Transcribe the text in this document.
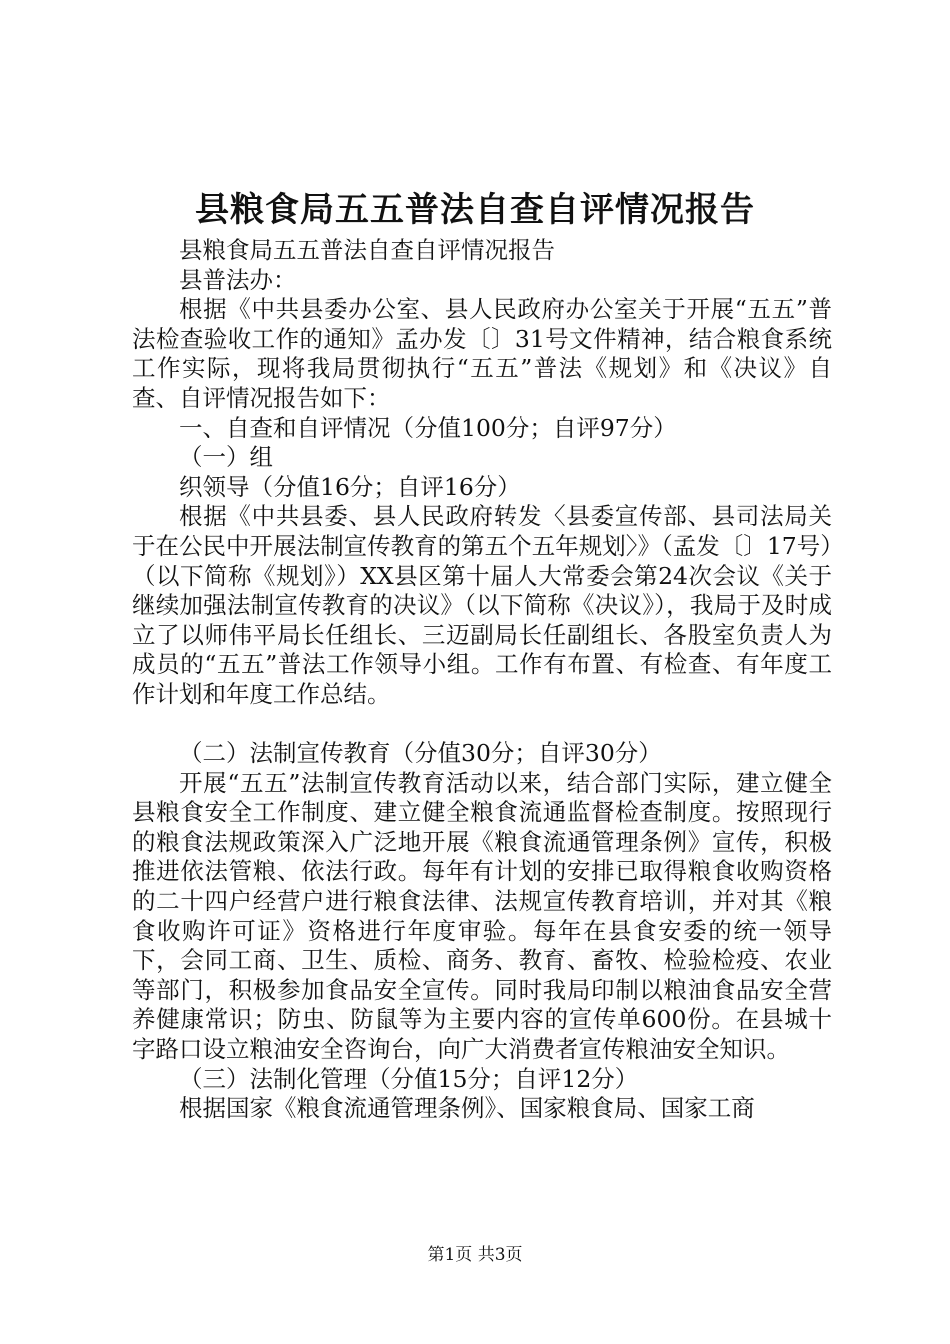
县粮食局五五普法自查自评情况报告

县粮食局五五普法自查自评情况报告

县普法办：

根据《中共县委办公室、县人民政府办公室关于开展“五五”普法检查验收工作的通知》孟办发〔〕31号文件精神，结合粮食系统工作实际，现将我局贯彻执行“五五”普法《规划》和《决议》自查、自评情况报告如下：

一、自查和自评情况（分值100分；自评97分）

（一）组

织领导（分值16分；自评16分）

根据《中共县委、县人民政府转发〈县委宣传部、县司法局关于在公民中开展法制宣传教育的第五个五年规划〉》（孟发〔〕17号）（以下简称《规划》）XX县区第十届人大常委会第24次会议《关于继续加强法制宣传教育的决议》（以下简称《决议》），我局于及时成立了以师伟平局长任组长、三迈副局长任副组长、各股室负责人为成员的“五五”普法工作领导小组。工作有布置、有检查、有年度工作计划和年度工作总结。

（二）法制宣传教育（分值30分；自评30分）

开展“五五”法制宣传教育活动以来，结合部门实际，建立健全县粮食安全工作制度、建立健全粮食流通监督检查制度。按照现行的粮食法规政策深入广泛地开展《粮食流通管理条例》宣传，积极推进依法管粮、依法行政。每年有计划的安排已取得粮食收购资格的二十四户经营户进行粮食法律、法规宣传教育培训，并对其《粮食收购许可证》资格进行年度审验。每年在县食安委的统一领导下，会同工商、卫生、质检、商务、教育、畜牧、检验检疫、农业等部门，积极参加食品安全宣传。同时我局印制以粮油食品安全营养健康常识；防虫、防鼠等为主要内容的宣传单600份。在县城十字路口设立粮油安全咨询台，向广大消费者宣传粮油安全知识。

（三）法制化管理（分值15分；自评12分）

根据国家《粮食流通管理条例》、国家粮食局、国家工商

第1页 共3页
